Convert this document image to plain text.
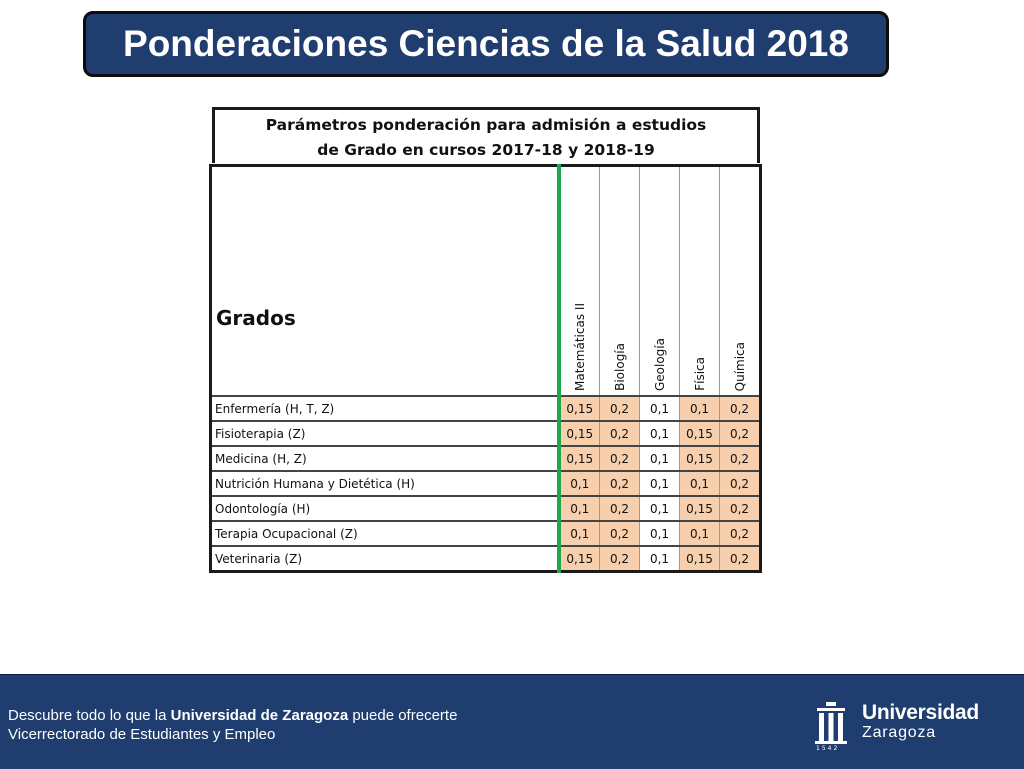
Ponderaciones Ciencias de la Salud 2018
Parámetros ponderación para admisión a estudios
de Grado en cursos 2017-18 y 2018-19
Grados	Matemáticas II	Biología	Geología	Física	Química

Enfermería (H, T, Z)	0,15	0,2	0,1	0,1	0,2
Fisioterapia (Z)	0,15	0,2	0,1	0,15	0,2
Medicina (H, Z)	0,15	0,2	0,1	0,15	0,2
Nutrición Humana y Dietética (H)	0,1	0,2	0,1	0,1	0,2
Odontología (H)	0,1	0,2	0,1	0,15	0,2
Terapia Ocupacional (Z)	0,1	0,2	0,1	0,1	0,2
Veterinaria (Z)	0,15	0,2	0,1	0,15	0,2
Descubre todo lo que la Universidad de Zaragoza puede ofrecerte
Vicerrectorado de Estudiantes y Empleo
1542
Universidad
Zaragoza
